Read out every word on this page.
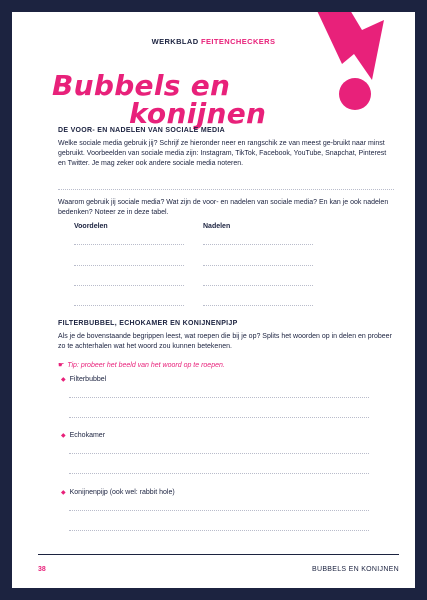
WERKBLAD FEITENCHECKERS
Bubbels en
konijnen
DE VOOR- EN NADELEN VAN SOCIALE MEDIA
Welke sociale media gebruik jij? Schrijf ze hieronder neer en rangschik ze van meest ge-bruikt naar minst gebruikt. Voorbeelden van sociale media zijn: Instagram, TikTok, Facebook, YouTube, Snapchat, Pinterest en Twitter. Je mag zeker ook andere sociale media noteren.
Waarom gebruik jij sociale media? Wat zijn de voor- en nadelen van sociale media? En kan je ook nadelen bedenken? Noteer ze in deze tabel.
Voordelen	Nadelen
FILTERBUBBEL, ECHOKAMER EN KONIJNENPIJP
Als je de bovenstaande begrippen leest, wat roepen die bij je op? Splits het woorden op in delen en probeer zo te achterhalen wat het woord zou kunnen betekenen.
☛ Tip: probeer het beeld van het woord op te roepen.
◆ Filterbubbel
◆ Echokamer
◆ Konijnenpijp (ook wel: rabbit hole)
38	BUBBELS EN KONIJNEN
